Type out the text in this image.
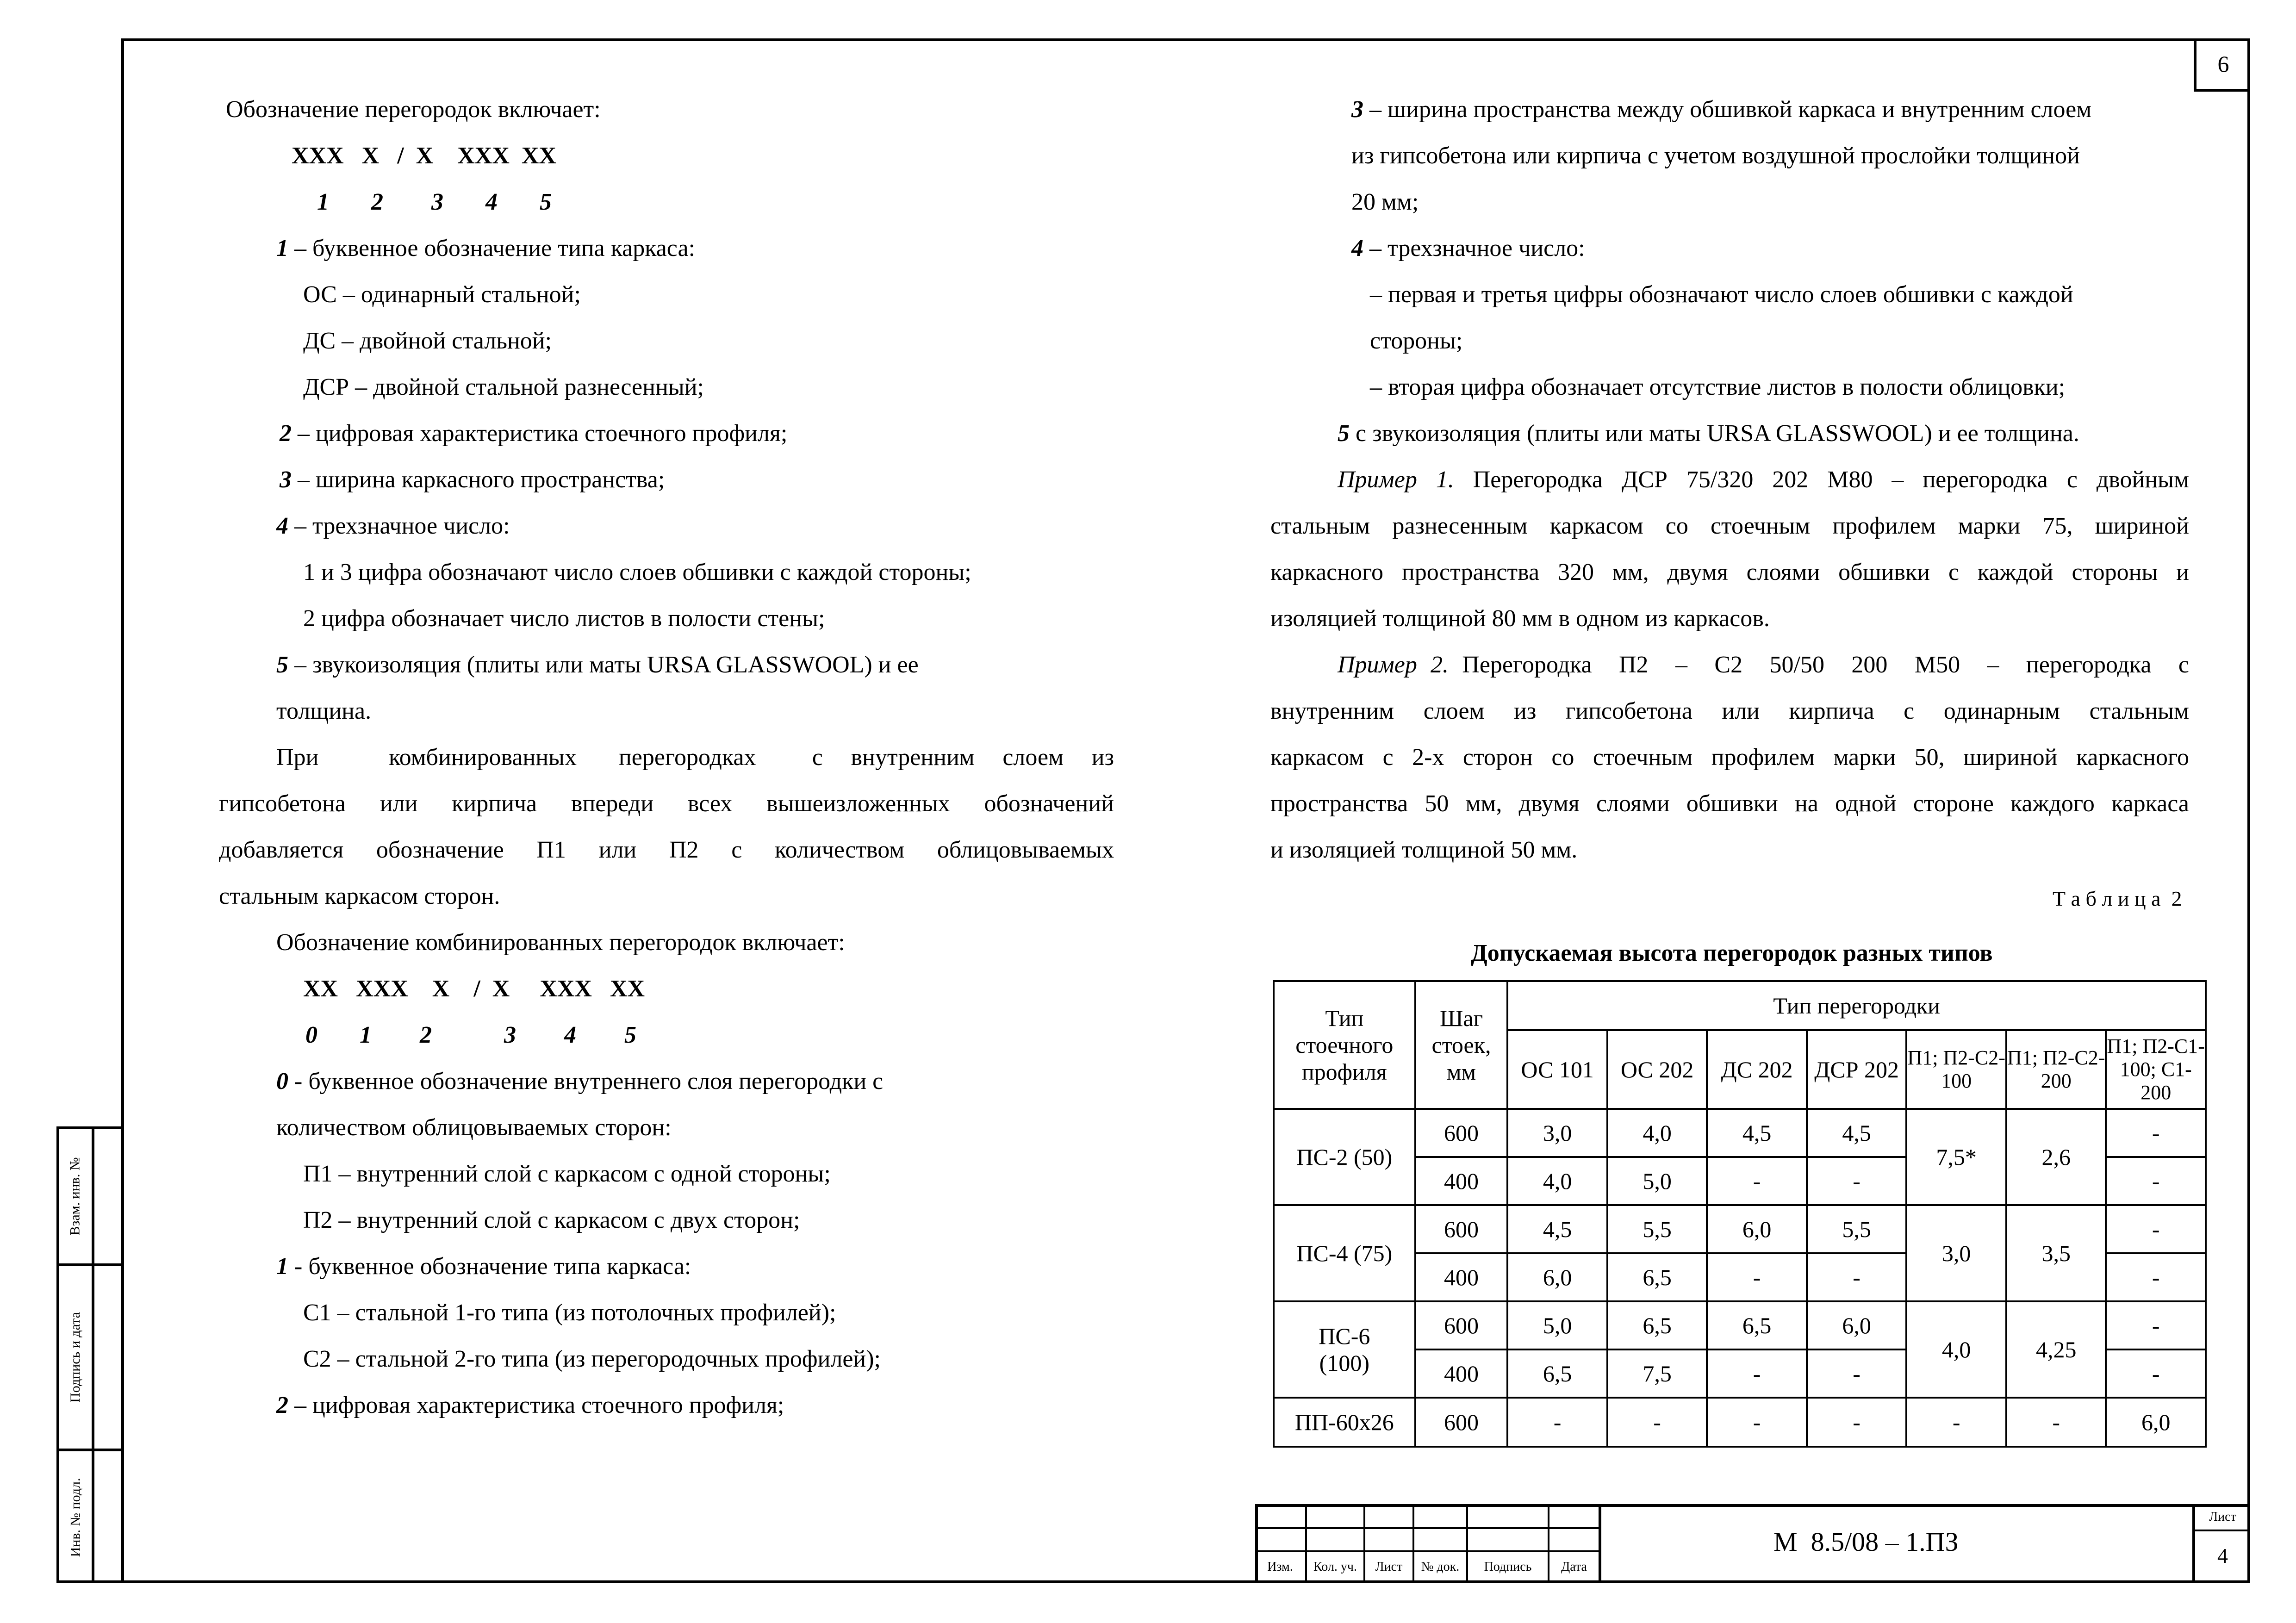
6
Взам. инв. №
Подпись и дата
Инв. № подл.
Обозначение перегородок включает:
ХХХ   Х   /  Х    ХХХ  ХХ
1       2        3       4       5
1 – буквенное обозначение типа каркаса:
ОС – одинарный стальной;
ДС – двойной стальной;
ДСР – двойной стальной разнесенный;
2 – цифровая характеристика стоечного профиля;
3 – ширина каркасного пространства;
4 – трехзначное число:
1 и 3 цифра обозначают число слоев обшивки с каждой стороны;
2 цифра обозначает число листов в полости стены;
5 – звукоизоляция (плиты или маты URSA GLASSWOOL) и ее
толщина.
При     комбинированных   перегородках    с  внутренним  слоем  из
гипсобетона или кирпича впереди всех вышеизложенных обозначений
добавляется обозначение П1 или П2 с количеством облицовываемых
стальным каркасом сторон.
Обозначение комбинированных перегородок включает:
ХХ   ХХХ    Х    /  Х     ХХХ   ХХ
0       1        2            3        4        5
0 - буквенное обозначение внутреннего слоя перегородки с
количеством облицовываемых сторон:
П1 – внутренний слой с каркасом с одной стороны;
П2 – внутренний слой с каркасом с двух сторон;
1 - буквенное обозначение типа каркаса:
С1 – стальной 1-го типа (из потолочных профилей);
С2 – стальной 2-го типа (из перегородочных профилей);
2 – цифровая характеристика стоечного профиля;
3 – ширина пространства между обшивкой каркаса и внутренним слоем
из гипсобетона или кирпича с учетом воздушной прослойки толщиной
20 мм;
4 – трехзначное число:
– первая и третья цифры обозначают число слоев обшивки с каждой
стороны;
– вторая цифра обозначает отсутствие листов в полости облицовки;
5 с звукоизоляция (плиты или маты URSA GLASSWOOL) и ее толщина.
Пример 1. Перегородка ДСР 75/320 202 М80 – перегородка с двойным
стальным разнесенным каркасом со стоечным профилем марки 75, шириной
каркасного пространства 320 мм, двумя слоями обшивки с каждой стороны и
изоляцией толщиной 80 мм в одном из каркасов.
Пример 2. Перегородка  П2  –  С2  50/50  200  М50  –  перегородка  с
внутренним  слоем  из  гипсобетона  или  кирпича  с  одинарным  стальным
каркасом с 2-х сторон со стоечным профилем марки 50, шириной каркасного
пространства 50 мм, двумя слоями обшивки на одной стороне каждого каркаса
и изоляцией толщиной 50 мм.
Т а б л и ц а  2
Допускаемая высота перегородок разных типов
Тип стоечного профиля	Шаг стоек, мм	Тип перегородки						
		ОС 101	ОС 202	ДС 202	ДСР 202	П1; П2-С2-100	П1; П2-С2-200	П1; П2-С1-100; С1-200
ПС-2 (50)	600	3,0	4,0	4,5	4,5	7,5*	2,6	-
	400	4,0	5,0	-	-			-
ПС-4 (75)	600	4,5	5,5	6,0	5,5	3,0	3,5	-
	400	6,0	6,5	-	-			-
ПС-6 (100)	600	5,0	6,5	6,5	6,0	4,0	4,25	-
	400	6,5	7,5	-	-			-
ПП-60х26	600	-	-	-	-	-	-	6,0
Изм.	Кол. уч.	Лист	№ док.	Подпись	Дата
М  8.5/08 – 1.ПЗ
Лист
4
